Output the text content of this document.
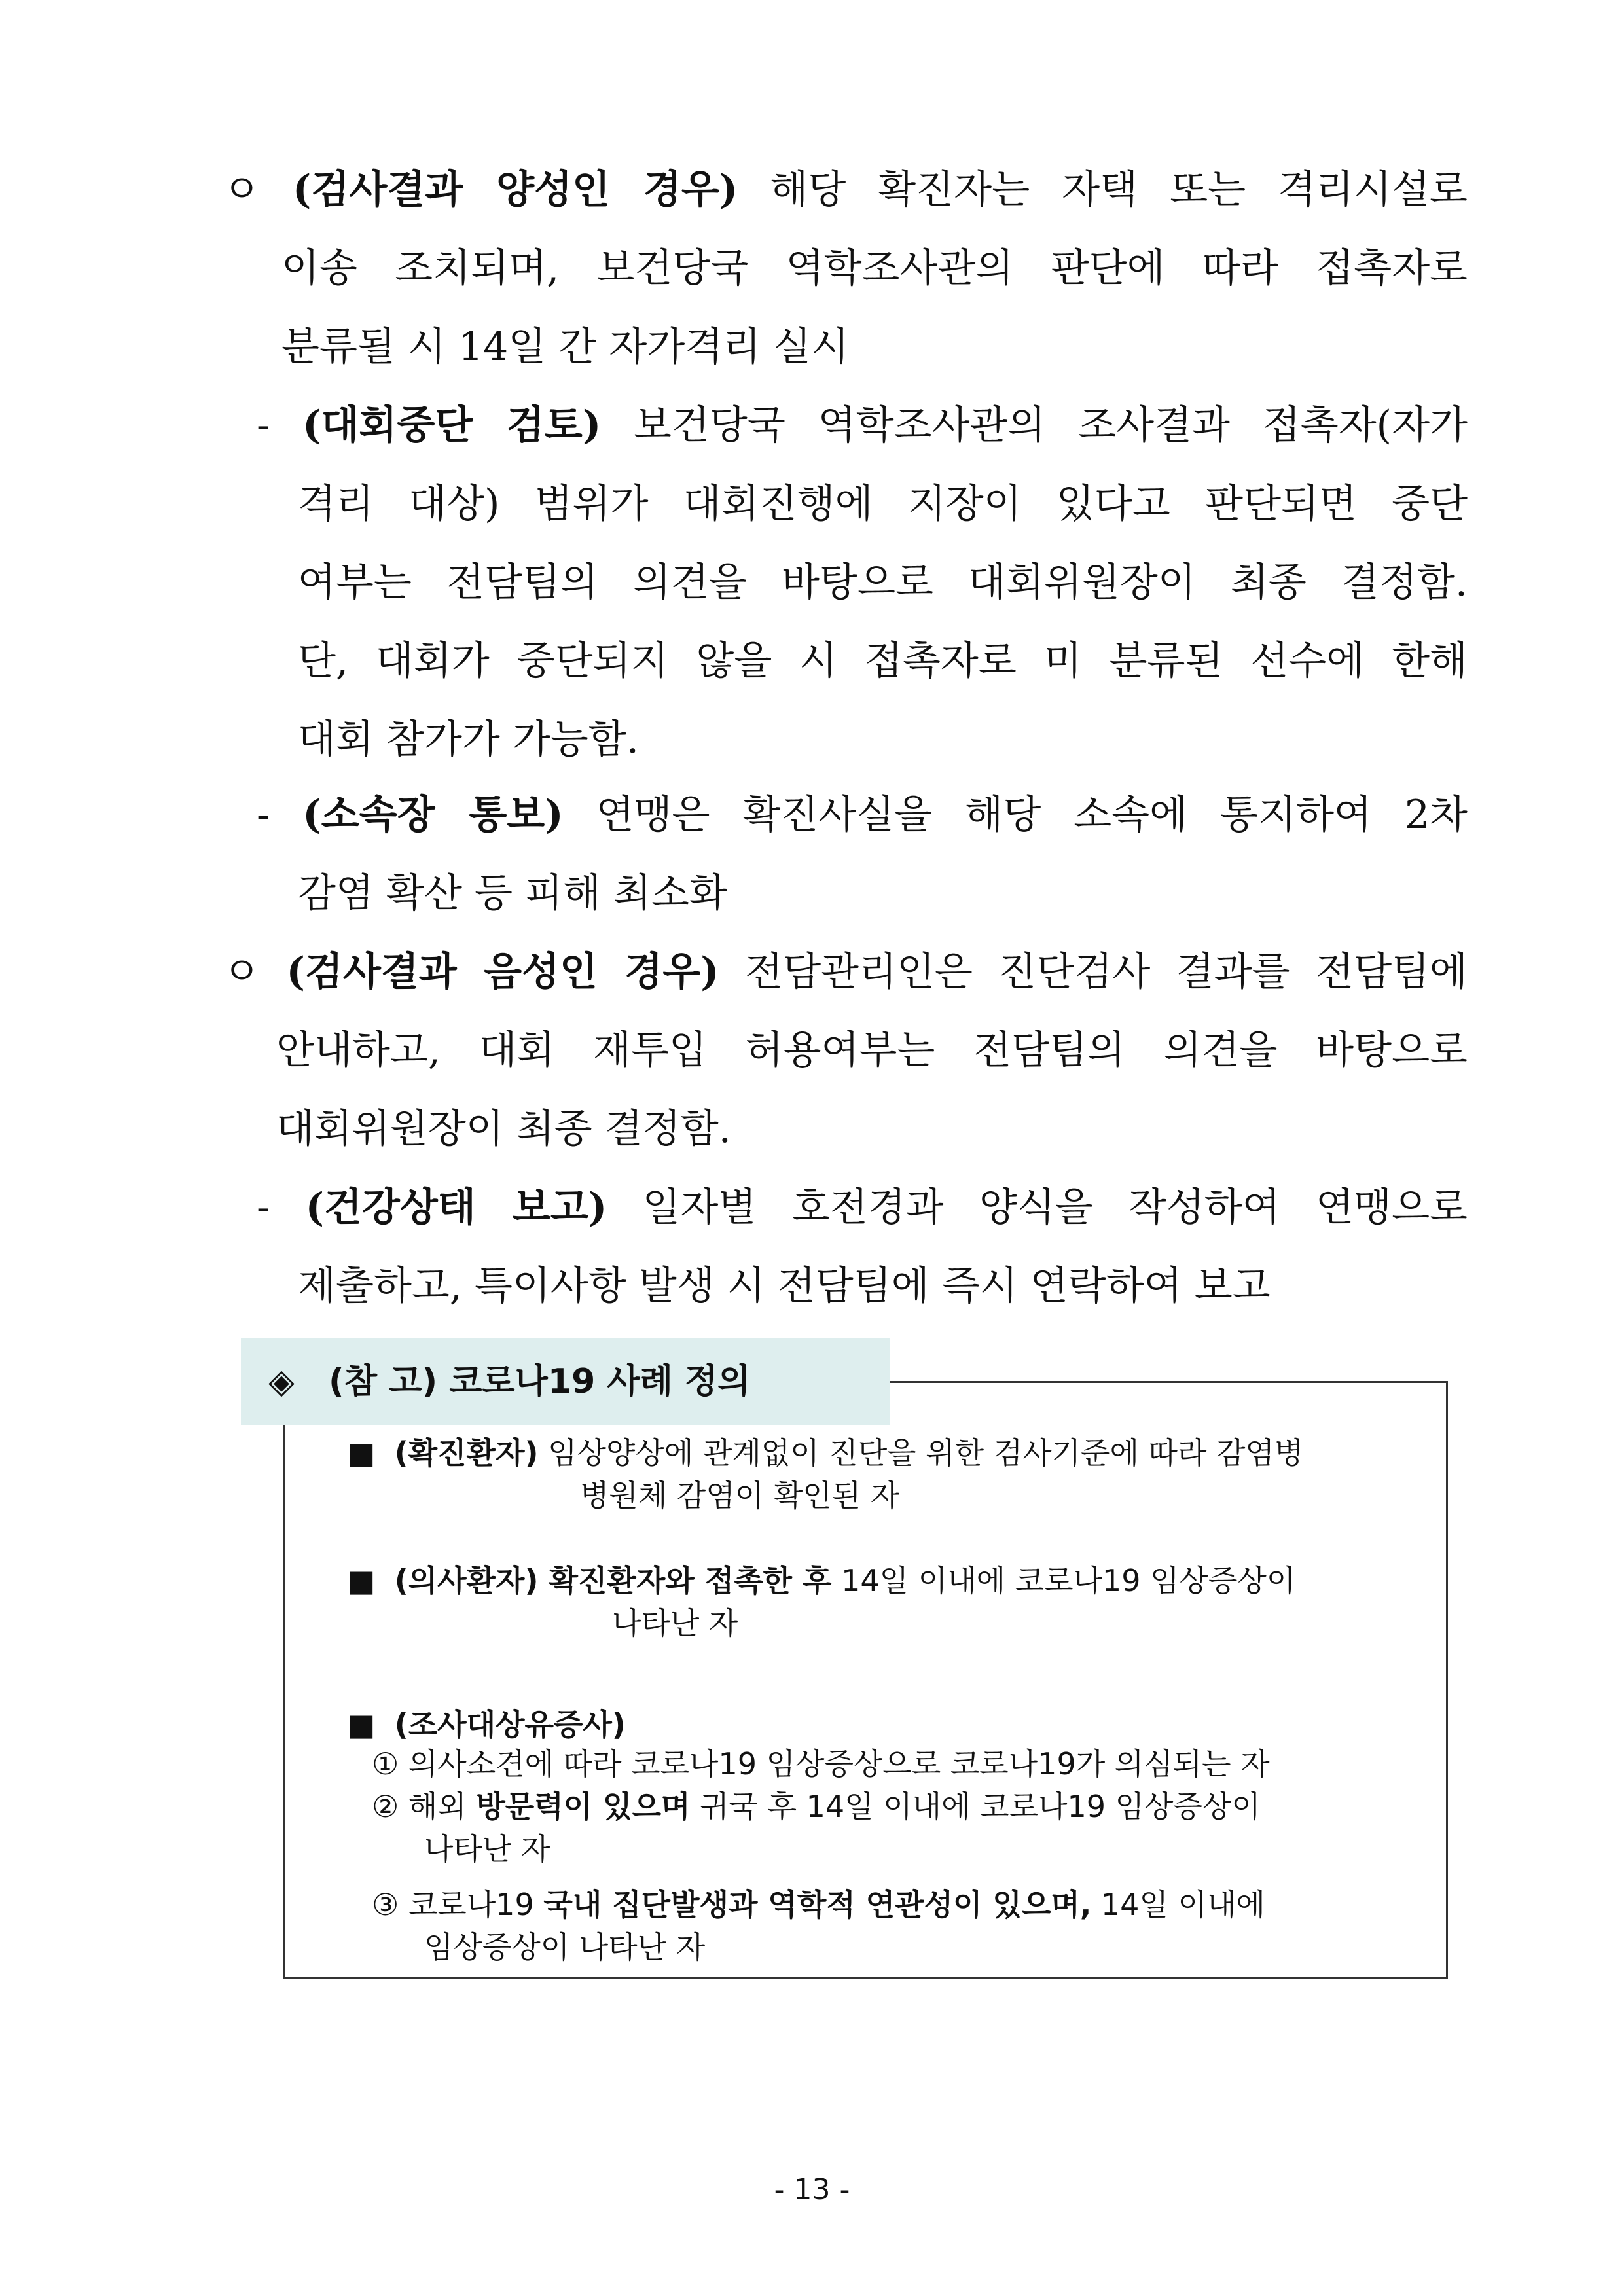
ㅇ (검사결과 양성인 경우) 해당 확진자는 자택 또는 격리시설로
이송 조치되며, 보건당국 역학조사관의 판단에 따라 접촉자로
분류될 시 14일 간 자가격리 실시
- (대회중단 검토) 보건당국 역학조사관의 조사결과 접촉자(자가
격리 대상) 범위가 대회진행에 지장이 있다고 판단되면 중단
여부는 전담팀의 의견을 바탕으로 대회위원장이 최종 결정함.
단, 대회가 중단되지 않을 시 접촉자로 미 분류된 선수에 한해
대회 참가가 가능함.
- (소속장 통보) 연맹은 확진사실을 해당 소속에 통지하여 2차
감염 확산 등 피해 최소화
ㅇ (검사결과 음성인 경우) 전담관리인은 진단검사 결과를 전담팀에
안내하고, 대회 재투입 허용여부는 전담팀의 의견을 바탕으로
대회위원장이 최종 결정함.
- (건강상태 보고) 일자별 호전경과 양식을 작성하여 연맹으로
제출하고, 특이사항 발생 시 전담팀에 즉시 연락하여 보고
◈ (참 고) 코로나19 사례 정의
■ (확진환자) 임상양상에 관계없이 진단을 위한 검사기준에 따라 감염병
병원체 감염이 확인된 자
■ (의사환자) 확진환자와 접촉한 후 14일 이내에 코로나19 임상증상이
나타난 자
■ (조사대상유증사)
① 의사소견에 따라 코로나19 임상증상으로 코로나19가 의심되는 자
② 해외 방문력이 있으며 귀국 후 14일 이내에 코로나19 임상증상이
나타난 자
③ 코로나19 국내 집단발생과 역학적 연관성이 있으며, 14일 이내에
임상증상이 나타난 자
- 13 -
